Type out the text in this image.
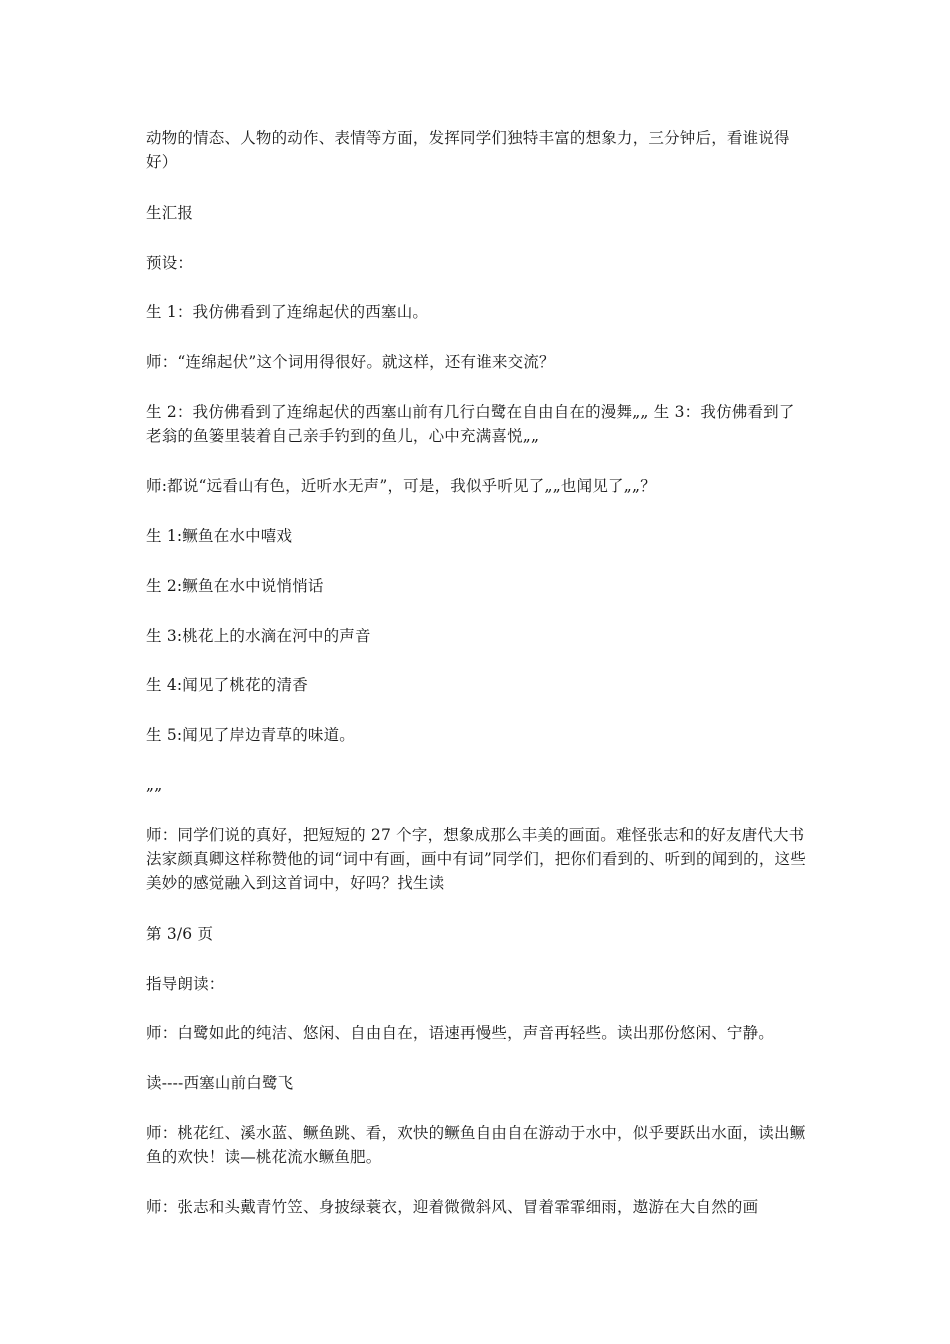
动物的情态、人物的动作、表情等方面，发挥同学们独特丰富的想象力，三分钟后，看谁说得好）

生汇报

预设：

生 1：我仿佛看到了连绵起伏的西塞山。

师：“连绵起伏”这个词用得很好。就这样，还有谁来交流？

生 2：我仿佛看到了连绵起伏的西塞山前有几行白鹭在自由自在的漫舞„„ 生 3：我仿佛看到了老翁的鱼篓里装着自己亲手钓到的鱼儿，心中充满喜悦„„

师:都说“远看山有色，近听水无声”，可是，我似乎听见了„„也闻见了„„？

生 1:鳜鱼在水中嘻戏

生 2:鳜鱼在水中说悄悄话

生 3:桃花上的水滴在河中的声音

生 4:闻见了桃花的清香

生 5:闻见了岸边青草的味道。

„„

师：同学们说的真好，把短短的 27 个字，想象成那么丰美的画面。难怪张志和的好友唐代大书法家颜真卿这样称赞他的词“词中有画，画中有词”同学们，把你们看到的、听到的闻到的，这些美妙的感觉融入到这首词中，好吗？找生读

第 3/6 页

指导朗读：

师：白鹭如此的纯洁、悠闲、自由自在，语速再慢些，声音再轻些。读出那份悠闲、宁静。

读----西塞山前白鹭飞

师：桃花红、溪水蓝、鳜鱼跳、看，欢快的鳜鱼自由自在游动于水中，似乎要跃出水面，读出鳜鱼的欢快！读—桃花流水鳜鱼肥。

师：张志和头戴青竹笠、身披绿蓑衣，迎着微微斜风、冒着霏霏细雨，遨游在大自然的画
